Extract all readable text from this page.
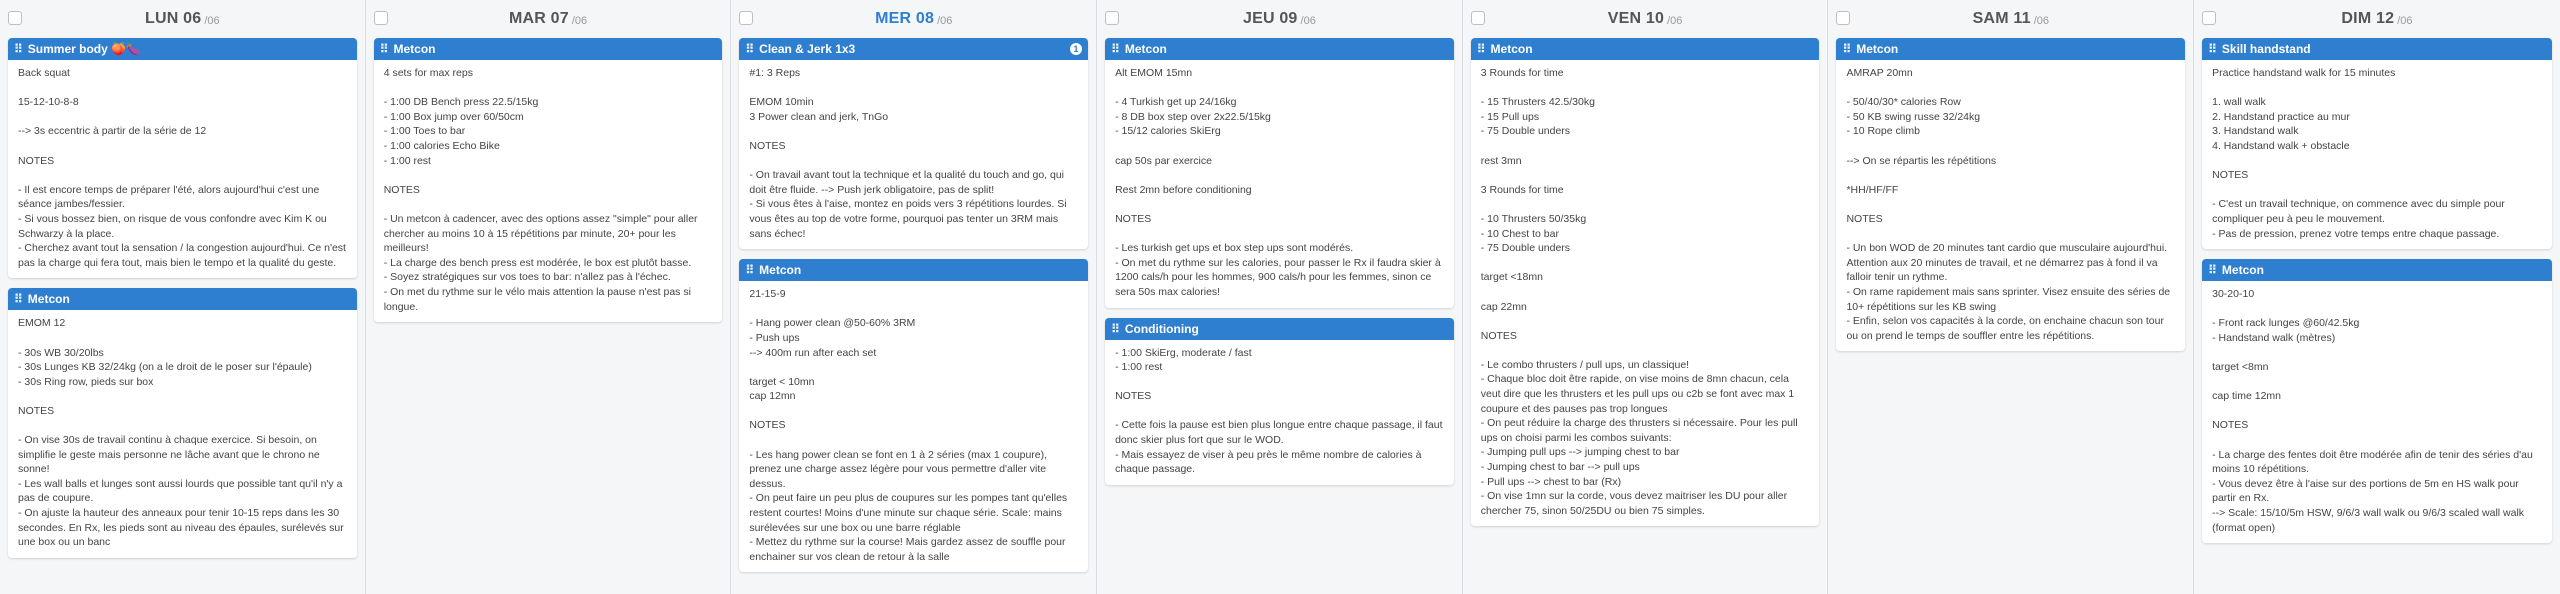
LUN 06 /06
⠿ Summer body 🍑🍆
Back squat
15-12-10-8-8
--> 3s eccentric à partir de la série de 12
NOTES
- Il est encore temps de préparer l'été, alors aujourd'hui c'est une séance jambes/fessier.
- Si vous bossez bien, on risque de vous confondre avec Kim K ou Schwarzy à la place.
- Cherchez avant tout la sensation / la congestion aujourd'hui. Ce n'est pas la charge qui fera tout, mais bien le tempo et la qualité du geste.
⠿ Metcon
EMOM 12
- 30s WB 30/20lbs
- 30s Lunges KB 32/24kg (on a le droit de le poser sur l'épaule)
- 30s Ring row, pieds sur box
NOTES
- On vise 30s de travail continu à chaque exercice. Si besoin, on simplifie le geste mais personne ne lâche avant que le chrono ne sonne!
- Les wall balls et lunges sont aussi lourds que possible tant qu'il n'y a pas de coupure.
- On ajuste la hauteur des anneaux pour tenir 10-15 reps dans les 30 secondes. En Rx, les pieds sont au niveau des épaules, surélevés sur une box ou un banc
MAR 07 /06
⠿ Metcon
4 sets for max reps
- 1:00 DB Bench press 22.5/15kg
- 1:00 Box jump over 60/50cm
- 1:00 Toes to bar
- 1:00 calories Echo Bike
- 1:00 rest
NOTES
- Un metcon à cadencer, avec des options assez "simple" pour aller chercher au moins 10 à 15 répétitions par minute, 20+ pour les meilleurs!
- La charge des bench press est modérée, le box est plutôt basse.
- Soyez stratégiques sur vos toes to bar: n'allez pas à l'échec.
- On met du rythme sur le vélo mais attention la pause n'est pas si longue.
MER 08 /06
⠿ Clean & Jerk 1x3	1
#1: 3 Reps
EMOM 10min
3 Power clean and jerk, TnGo
NOTES
- On travail avant tout la technique et la qualité du touch and go, qui doit être fluide. --> Push jerk obligatoire, pas de split!
- Si vous êtes à l'aise, montez en poids vers 3 répétitions lourdes. Si vous êtes au top de votre forme, pourquoi pas tenter un 3RM mais sans échec!
⠿ Metcon
21-15-9
- Hang power clean @50-60% 3RM
- Push ups
--> 400m run after each set
target < 10mn
cap 12mn
NOTES
- Les hang power clean se font en 1 à 2 séries (max 1 coupure), prenez une charge assez légère pour vous permettre d'aller vite dessus.
- On peut faire un peu plus de coupures sur les pompes tant qu'elles restent courtes! Moins d'une minute sur chaque série. Scale: mains surélevées sur une box ou une barre réglable
- Mettez du rythme sur la course! Mais gardez assez de souffle pour enchainer sur vos clean de retour à la salle
JEU 09 /06
⠿ Metcon
Alt EMOM 15mn
- 4 Turkish get up 24/16kg
- 8 DB box step over 2x22.5/15kg
- 15/12 calories SkiErg
cap 50s par exercice
Rest 2mn before conditioning
NOTES
- Les turkish get ups et box step ups sont modérés.
- On met du rythme sur les calories, pour passer le Rx il faudra skier à 1200 cals/h pour les hommes, 900 cals/h pour les femmes, sinon ce sera 50s max calories!
⠿ Conditioning
- 1:00 SkiErg, moderate / fast
- 1:00 rest
NOTES
- Cette fois la pause est bien plus longue entre chaque passage, il faut donc skier plus fort que sur le WOD.
- Mais essayez de viser à peu près le même nombre de calories à chaque passage.
VEN 10 /06
⠿ Metcon
3 Rounds for time
- 15 Thrusters 42.5/30kg
- 15 Pull ups
- 75 Double unders
rest 3mn
3 Rounds for time
- 10 Thrusters 50/35kg
- 10 Chest to bar
- 75 Double unders
target <18mn
cap 22mn
NOTES
- Le combo thrusters / pull ups, un classique!
- Chaque bloc doit être rapide, on vise moins de 8mn chacun, cela veut dire que les thrusters et les pull ups ou c2b se font avec max 1 coupure et des pauses pas trop longues
- On peut réduire la charge des thrusters si nécessaire. Pour les pull ups on choisi parmi les combos suivants:
- Jumping pull ups --> jumping chest to bar
- Jumping chest to bar --> pull ups
- Pull ups --> chest to bar (Rx)
- On vise 1mn sur la corde, vous devez maitriser les DU pour aller chercher 75, sinon 50/25DU ou bien 75 simples.
SAM 11 /06
⠿ Metcon
AMRAP 20mn
- 50/40/30* calories Row
- 50 KB swing russe 32/24kg
- 10 Rope climb
--> On se répartis les répétitions
*HH/HF/FF
NOTES
- Un bon WOD de 20 minutes tant cardio que musculaire aujourd'hui. Attention aux 20 minutes de travail, et ne démarrez pas à fond il va falloir tenir un rythme.
- On rame rapidement mais sans sprinter. Visez ensuite des séries de 10+ répétitions sur les KB swing
- Enfin, selon vos capacités à la corde, on enchaine chacun son tour ou on prend le temps de souffler entre les répétitions.
DIM 12 /06
⠿ Skill handstand
Practice handstand walk for 15 minutes
1. wall walk
2. Handstand practice au mur
3. Handstand walk
4. Handstand walk + obstacle
NOTES
- C'est un travail technique, on commence avec du simple pour compliquer peu à peu le mouvement.
- Pas de pression, prenez votre temps entre chaque passage.
⠿ Metcon
30-20-10
- Front rack lunges @60/42.5kg
- Handstand walk (mètres)
target <8mn
cap time 12mn
NOTES
- La charge des fentes doit être modérée afin de tenir des séries d'au moins 10 répétitions.
- Vous devez être à l'aise sur des portions de 5m en HS walk pour partir en Rx.
--> Scale: 15/10/5m HSW, 9/6/3 wall walk ou 9/6/3 scaled wall walk (format open)
